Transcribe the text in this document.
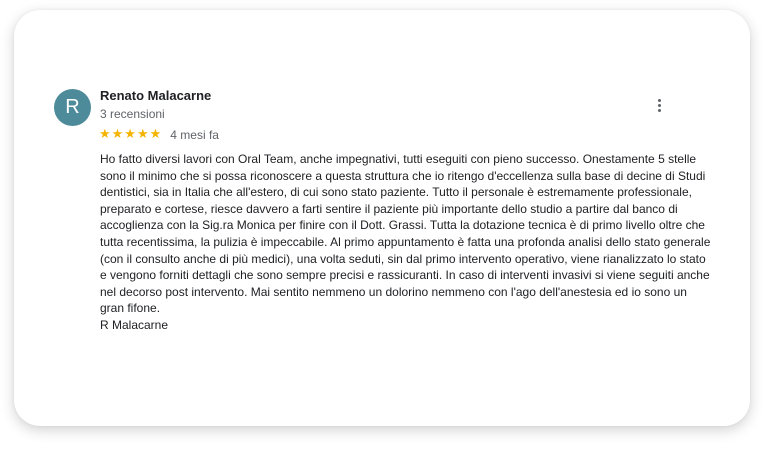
R
Renato Malacarne
3 recensioni
★★★★★ 4 mesi fa
Ho fatto diversi lavori con Oral Team, anche impegnativi, tutti eseguiti con pieno successo. Onestamente 5 stelle sono il minimo che si possa riconoscere a questa struttura che io ritengo d'eccellenza sulla base di decine di Studi dentistici, sia in Italia che all'estero, di cui sono stato paziente. Tutto il personale è estremamente professionale, preparato e cortese, riesce davvero a farti sentire il paziente più importante dello studio a partire dal banco di accoglienza con la Sig.ra Monica per finire con il Dott. Grassi. Tutta la dotazione tecnica è di primo livello oltre che tutta recentissima, la pulizia è impeccabile. Al primo appuntamento è fatta una profonda analisi dello stato generale (con il consulto anche di più medici), una volta seduti, sin dal primo intervento operativo, viene rianalizzato lo stato e vengono forniti dettagli che sono sempre precisi e rassicuranti. In caso di interventi invasivi si viene seguiti anche nel decorso post intervento. Mai sentito nemmeno un dolorino nemmeno con l'ago dell'anestesia ed io sono un gran fifone.
R Malacarne
